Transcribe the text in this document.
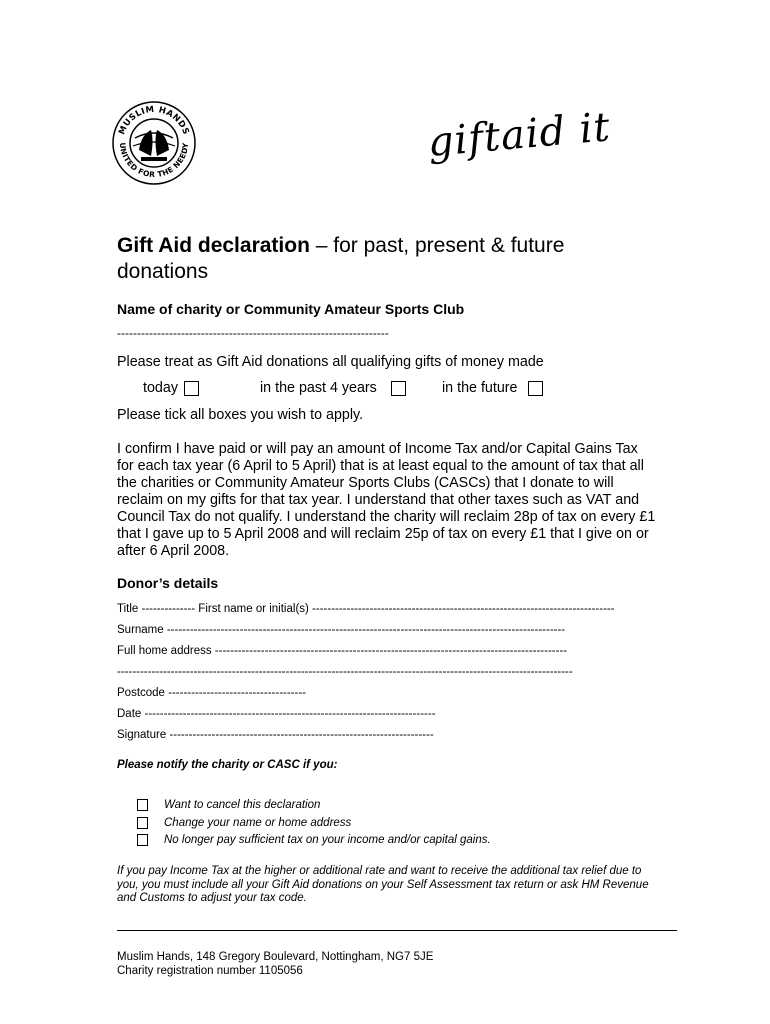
MUSLIM HANDS
UNITED FOR THE NEEDY	giftaid it
Gift Aid declaration – for past, present & future donations
Name of charity or Community Amateur Sports Club
--------------------------------------------------------------------
Please treat as Gift Aid donations all qualifying gifts of money made
today	in the past 4 years	in the future
Please tick all boxes you wish to apply.
I confirm I have paid or will pay an amount of Income Tax and/or Capital Gains Tax for each tax year (6 April to 5 April) that is at least equal to the amount of tax that all the charities or Community Amateur Sports Clubs (CASCs) that I donate to will reclaim on my gifts for that tax year. I understand that other taxes such as VAT and Council Tax do not qualify. I understand the charity will reclaim 28p of tax on every £1 that I gave up to 5 April 2008 and will reclaim 25p of tax on every £1 that I give on or after 6 April 2008.
Donor’s details
Title -------------- First name or initial(s) -------------------------------------------------------------------------------
Surname --------------------------------------------------------------------------------------------------------
Full home address --------------------------------------------------------------------------------------------
-----------------------------------------------------------------------------------------------------------------------
Postcode ------------------------------------
Date ----------------------------------------------------------------------------
Signature ---------------------------------------------------------------------
Please notify the charity or CASC if you:
Want to cancel this declaration
Change your name or home address
No longer pay sufficient tax on your income and/or capital gains.
If you pay Income Tax at the higher or additional rate and want to receive the additional tax relief due to you, you must include all your Gift Aid donations on your Self Assessment tax return or ask HM Revenue and Customs to adjust your tax code.
Muslim Hands, 148 Gregory Boulevard, Nottingham, NG7 5JE
Charity registration number 1105056
